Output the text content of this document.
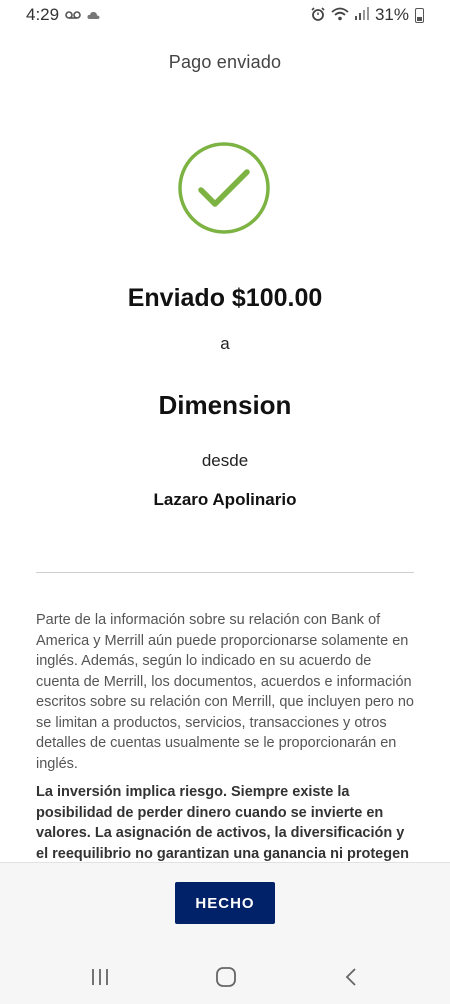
4:29	31%
Pago enviado
Enviado $100.00
a
Dimension
desde
Lazaro Apolinario

Parte de la información sobre su relación con Bank of America y Merrill aún puede proporcionarse solamente en inglés. Además, según lo indicado en su acuerdo de cuenta de Merrill, los documentos, acuerdos e información escritos sobre su relación con Merrill, que incluyen pero no se limitan a productos, servicios, transacciones y otros detalles de cuentas usualmente se le proporcionarán en inglés.

La inversión implica riesgo. Siempre existe la posibilidad de perder dinero cuando se invierte en valores. La asignación de activos, la diversificación y el reequilibrio no garantizan una ganancia ni protegen

HECHO
